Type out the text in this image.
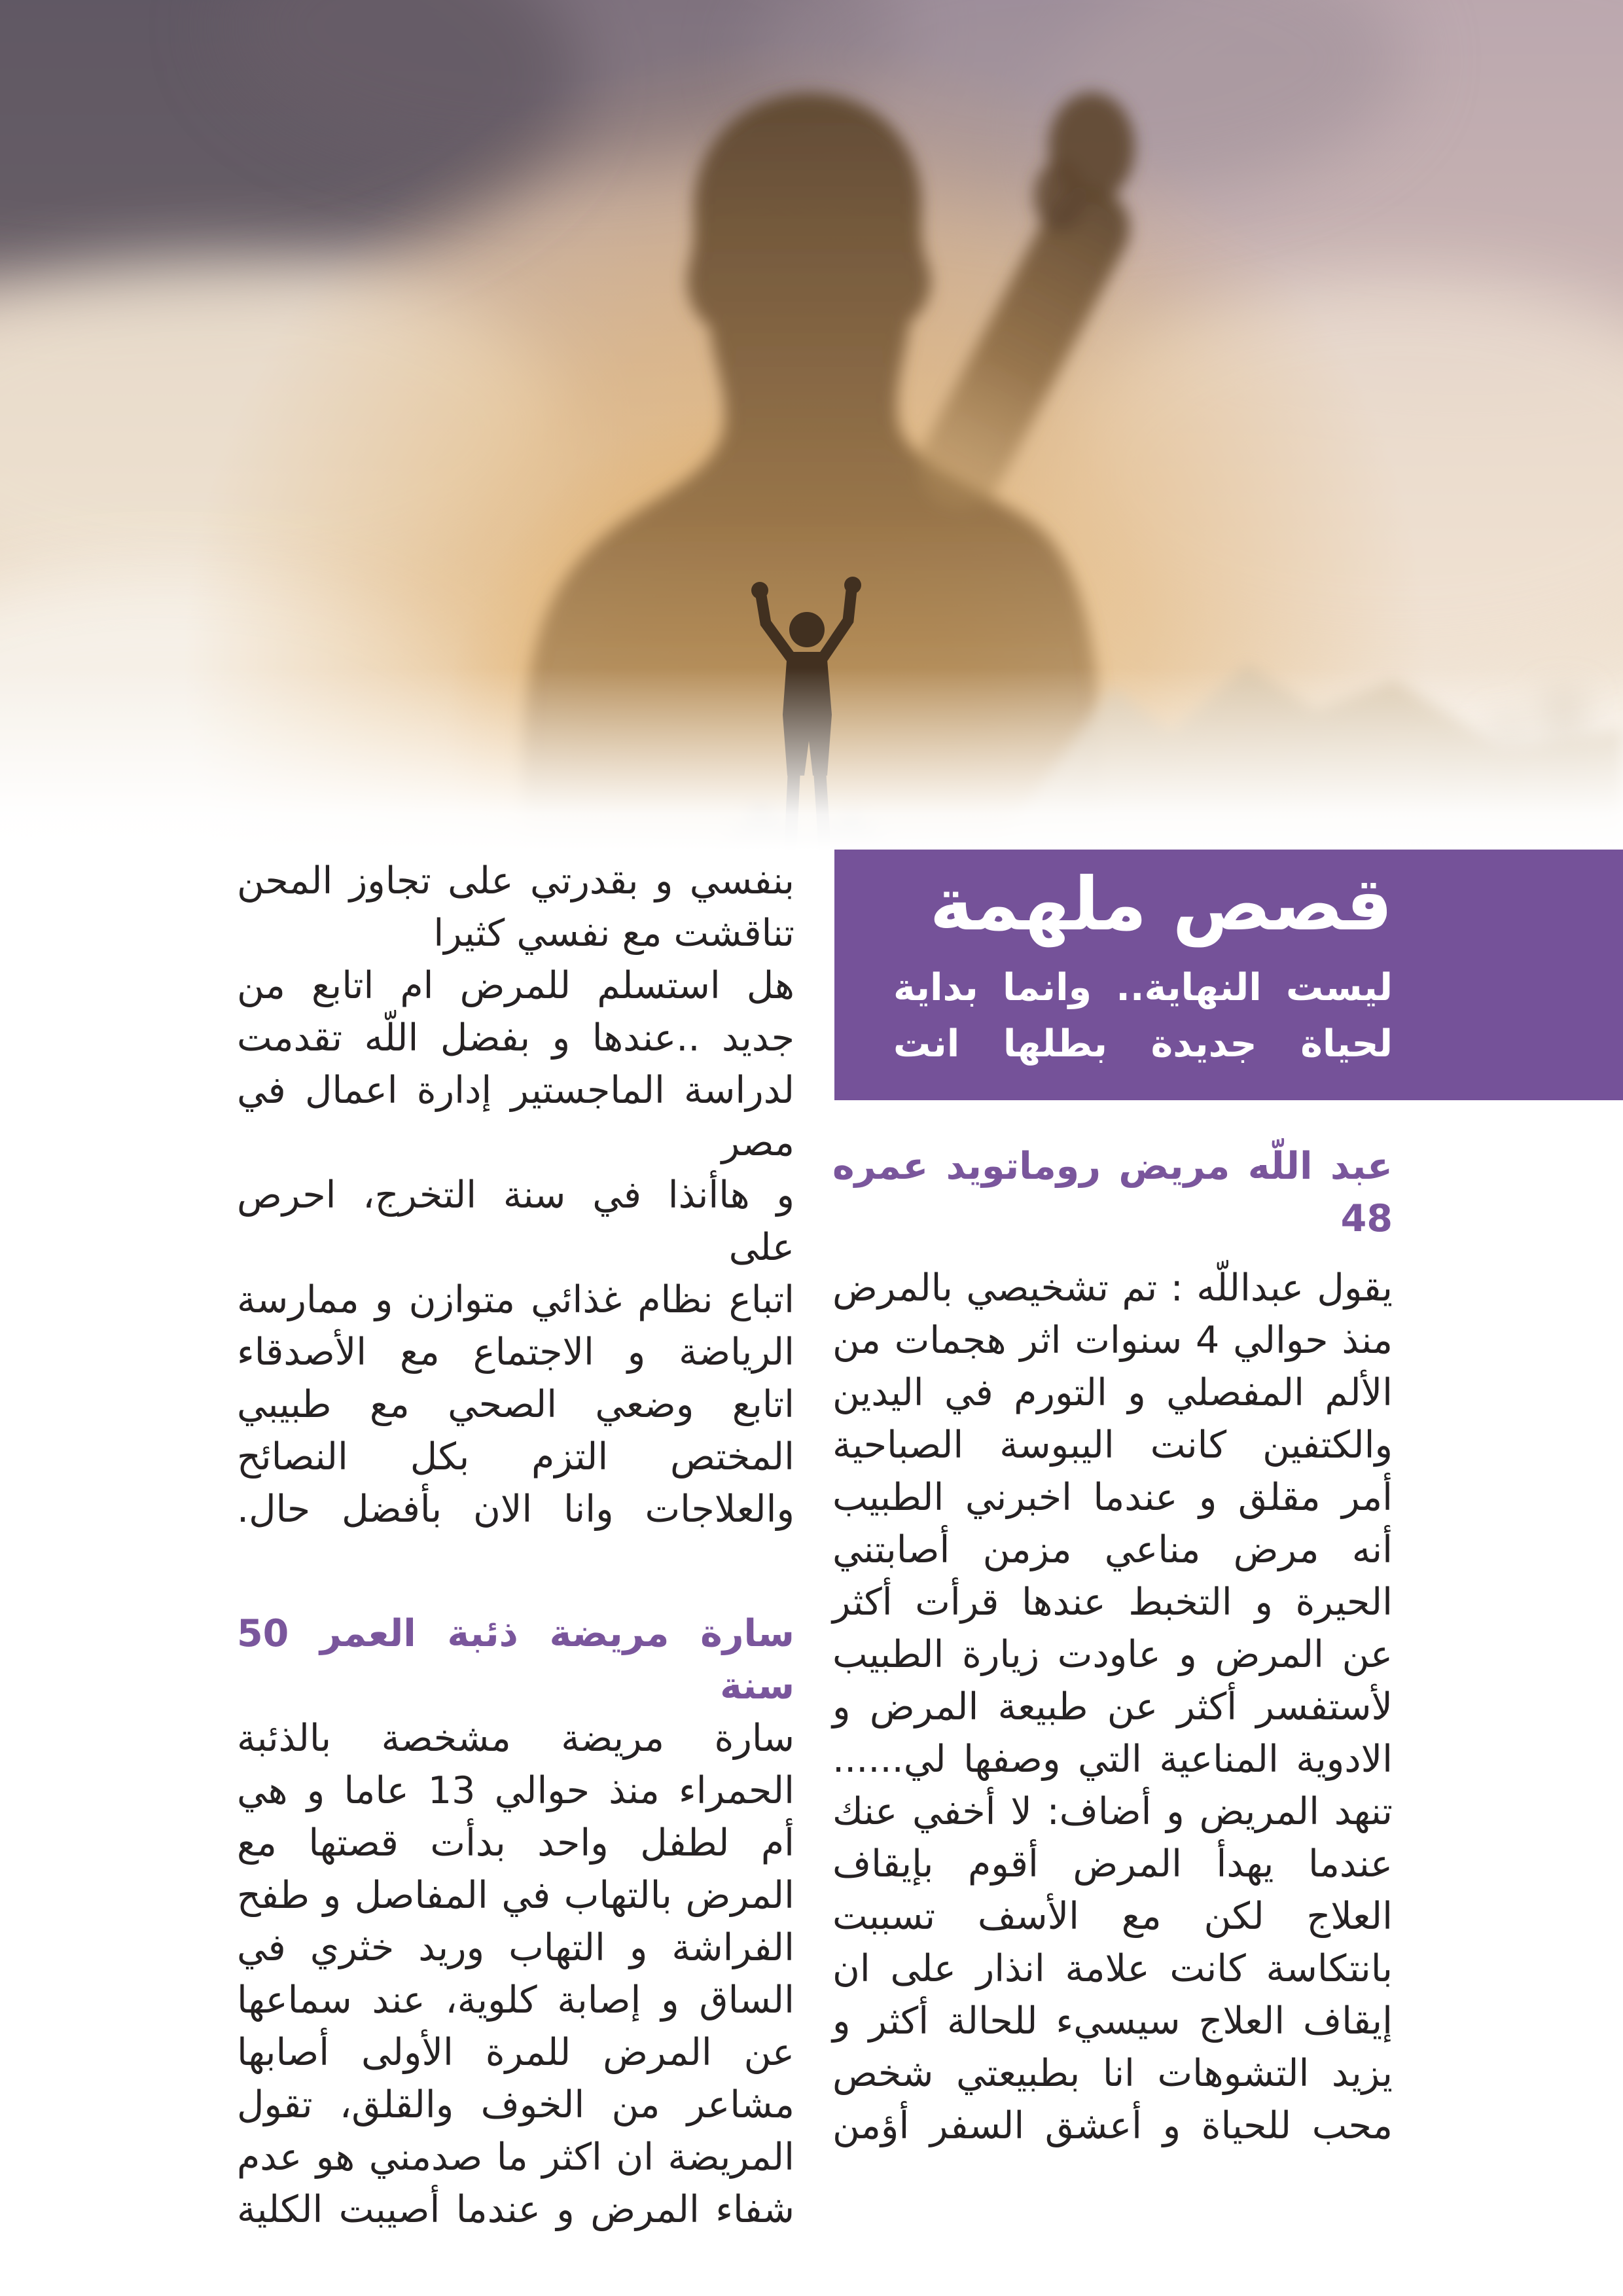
قصص ملهمة
ليست النهاية.. وانما بداية
لحياة جديدة بطلها انت
بنفسي و بقدرتي على تجاوز المحن
تناقشت مع نفسي كثيرا
هل استسلم للمرض ام اتابع من
جديد ..عندها و بفضل اللّه تقدمت
لدراسة الماجستير إدارة اعمال في
مصر
و هاأنذا في سنة التخرج، احرص على
اتباع نظام غذائي متوازن و ممارسة
الرياضة و الاجتماع مع الأصدقاء
اتابع وضعي الصحي مع طبيبي
المختص التزم بكل النصائح
والعلاجات وانا الان بأفضل حال.
سارة مريضة ذئبة العمر 50 سنة
سارة مريضة مشخصة بالذئبة
الحمراء منذ حوالي 13 عاما و هي
أم لطفل واحد بدأت قصتها مع
المرض بالتهاب في المفاصل و طفح
الفراشة و التهاب وريد خثري في
الساق و إصابة كلوية، عند سماعها
عن المرض للمرة الأولى أصابها
مشاعر من الخوف والقلق، تقول
المريضة ان اكثر ما صدمني هو عدم
شفاء المرض و عندما أصيبت الكلية
عبد اللّه مريض روماتويد عمره 48
يقول عبداللّه : تم تشخيصي بالمرض
منذ حوالي 4 سنوات اثر هجمات من
الألم المفصلي و التورم في اليدين
والكتفين كانت اليبوسة الصباحية
أمر مقلق و عندما اخبرني الطبيب
أنه مرض مناعي مزمن أصابتني
الحيرة و التخبط عندها قرأت أكثر
عن المرض و عاودت زيارة الطبيب
لأستفسر أكثر عن طبيعة المرض و
الادوية المناعية التي وصفها لي......
تنهد المريض و أضاف: لا أخفي عنك
عندما يهدأ المرض أقوم بإيقاف
العلاج لكن مع الأسف تسببت
بانتكاسة كانت علامة انذار على ان
إيقاف العلاج سيسيء للحالة أكثر و
يزيد التشوهات انا بطبيعتي شخص
محب للحياة و أعشق السفر أؤمن
